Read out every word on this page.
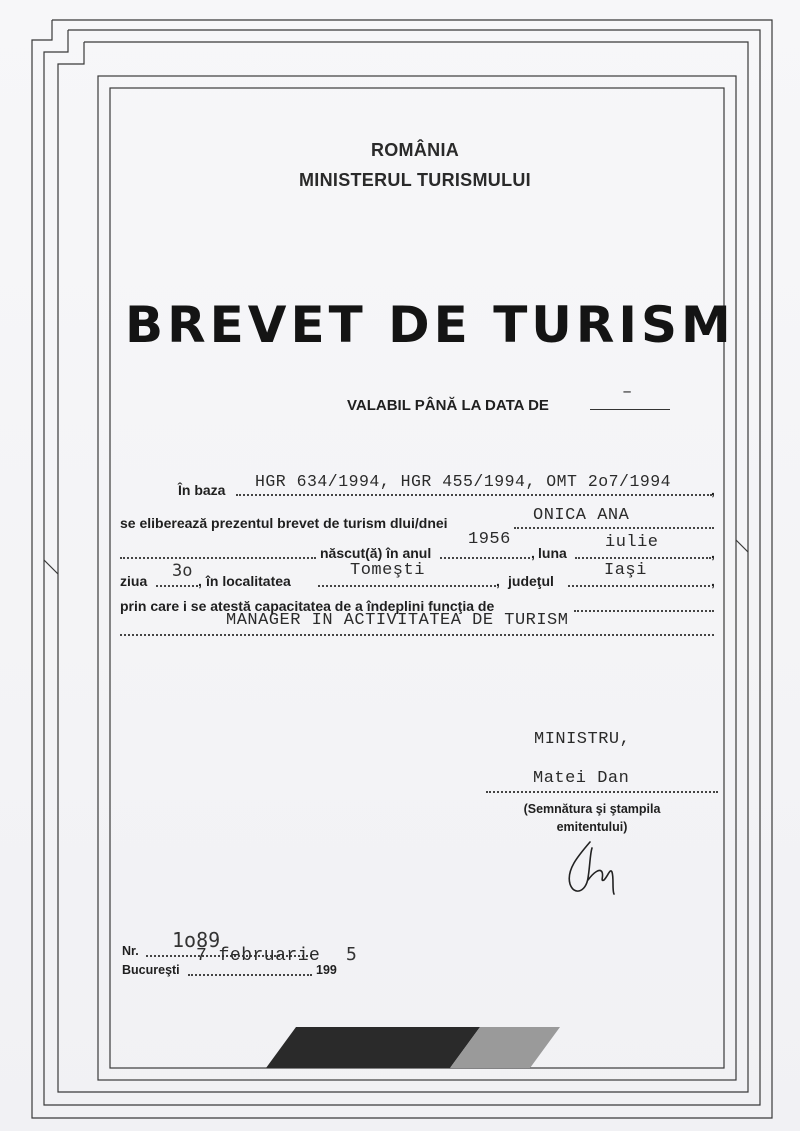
ROMÂNIA
MINISTERUL TURISMULUI
BREVET DE TURISM
VALABIL PÂNĂ LA DATA DE
–
În baza HGR 634/1994, HGR 455/1994, OMT 2o7/1994	,
se eliberează prezentul brevet de turism dlui/dnei	ONICA ANA
născut(ă) în anul
1956
, luna
iulie
,
ziua 3o , în localitatea
Tomeşti
, judeţul
Iaşi
,
prin care i se atestă capacitatea de a îndeplini funcţia de
MANAGER IN ACTIVITATEA DE TURISM
MINISTRU,
Matei Dan
(Semnătura şi ştampila
emitentului)
Nr. 1o89
Bucureşti
7 februarie
199
5
